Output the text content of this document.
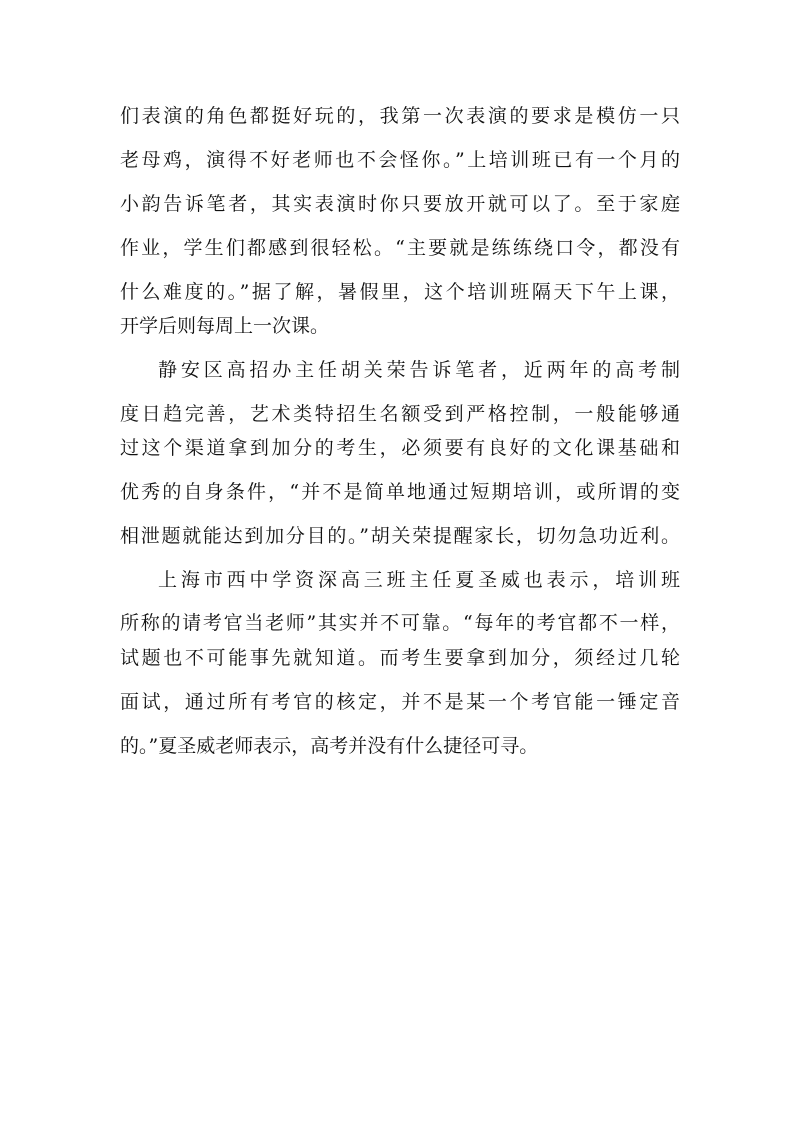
们表演的角色都挺好玩的，我第一次表演的要求是模仿一只
老母鸡，演得不好老师也不会怪你。”上培训班已有一个月的
小韵告诉笔者，其实表演时你只要放开就可以了。至于家庭
作业，学生们都感到很轻松。“主要就是练练绕口令，都没有
什么难度的。”据了解，暑假里，这个培训班隔天下午上课，
开学后则每周上一次课。
静安区高招办主任胡关荣告诉笔者，近两年的高考制
度日趋完善，艺术类特招生名额受到严格控制，一般能够通
过这个渠道拿到加分的考生，必须要有良好的文化课基础和
优秀的自身条件，“并不是简单地通过短期培训，或所谓的变
相泄题就能达到加分目的。”胡关荣提醒家长，切勿急功近利。
上海市西中学资深高三班主任夏圣威也表示，培训班
所称的请考官当老师”其实并不可靠。“每年的考官都不一样，
试题也不可能事先就知道。而考生要拿到加分，须经过几轮
面试，通过所有考官的核定，并不是某一个考官能一锤定音
的。”夏圣威老师表示，高考并没有什么捷径可寻。
